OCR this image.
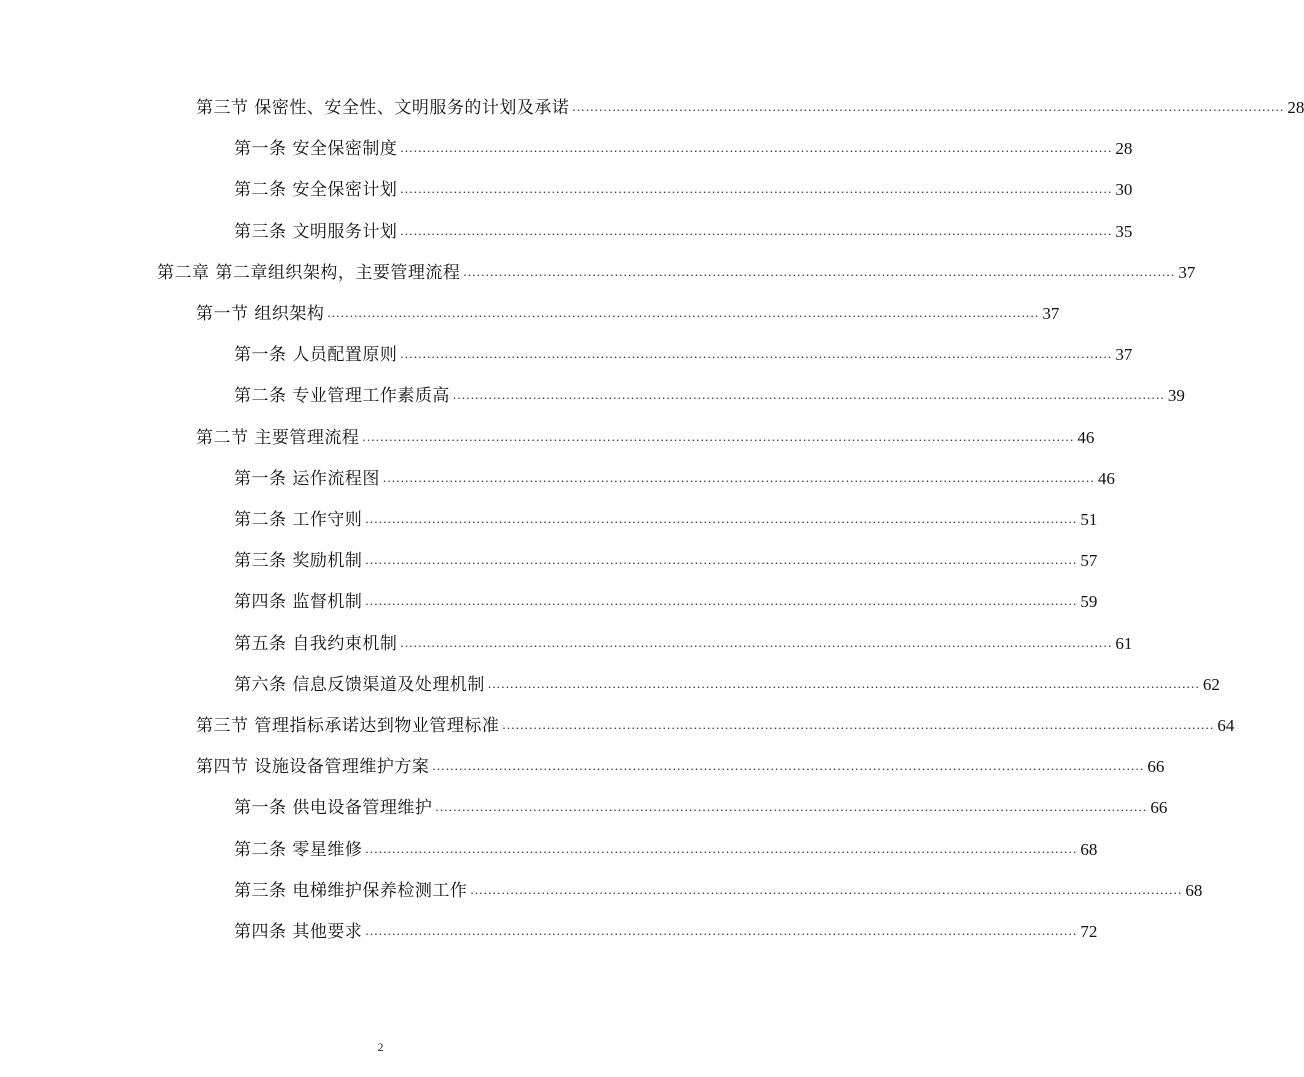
第三节 保密性、安全性、文明服务的计划及承诺 ................................................................................................................................................................ 28
第一条 安全保密制度 ................................................................................................................................................................ 28
第二条 安全保密计划 ................................................................................................................................................................ 30
第三条 文明服务计划 ................................................................................................................................................................ 35
第二章 第二章组织架构，主要管理流程 ................................................................................................................................................................ 37
第一节 组织架构 ................................................................................................................................................................ 37
第一条 人员配置原则 ................................................................................................................................................................ 37
第二条 专业管理工作素质高 ................................................................................................................................................................ 39
第二节 主要管理流程 ................................................................................................................................................................ 46
第一条 运作流程图 ................................................................................................................................................................ 46
第二条 工作守则 ................................................................................................................................................................ 51
第三条 奖励机制 ................................................................................................................................................................ 57
第四条 监督机制 ................................................................................................................................................................ 59
第五条 自我约束机制 ................................................................................................................................................................ 61
第六条 信息反馈渠道及处理机制 ................................................................................................................................................................ 62
第三节 管理指标承诺达到物业管理标准 ................................................................................................................................................................ 64
第四节 设施设备管理维护方案 ................................................................................................................................................................ 66
第一条 供电设备管理维护 ................................................................................................................................................................ 66
第二条 零星维修 ................................................................................................................................................................ 68
第三条 电梯维护保养检测工作 ................................................................................................................................................................ 68
第四条 其他要求 ................................................................................................................................................................ 72
2
